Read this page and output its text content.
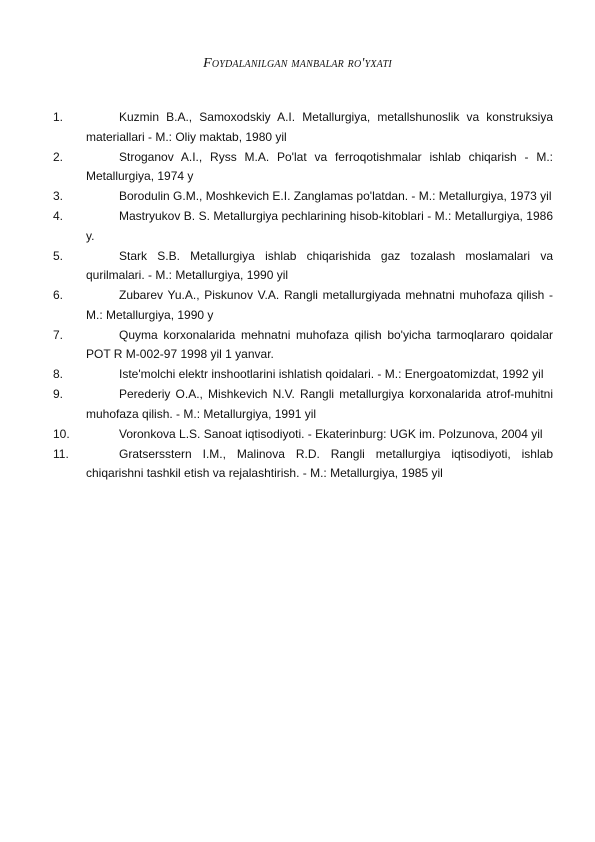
Foydalanilgan manbalar ro'yxati
1.	Kuzmin B.A., Samoxodskiy A.I. Metallurgiya, metallshunoslik va konstruksiya materiallari - M.: Oliy maktab, 1980 yil
2.	Stroganov A.I., Ryss M.A. Po'lat va ferroqotishmalar ishlab chiqarish - M.: Metallurgiya, 1974 y
3.	Borodulin G.M., Moshkevich E.I. Zanglamas po'latdan. - M.: Metallurgiya, 1973 yil
4.	Mastryukov B. S. Metallurgiya pechlarining hisob-kitoblari - M.: Metallurgiya, 1986 y.
5.	Stark S.B. Metallurgiya ishlab chiqarishida gaz tozalash moslamalari va qurilmalari. - M.: Metallurgiya, 1990 yil
6.	Zubarev Yu.A., Piskunov V.A. Rangli metallurgiyada mehnatni muhofaza qilish - M.: Metallurgiya, 1990 y
7.	Quyma korxonalarida mehnatni muhofaza qilish bo'yicha tarmoqlararo qoidalar POT R M-002-97 1998 yil 1 yanvar.
8.	Iste'molchi elektr inshootlarini ishlatish qoidalari. - M.: Energoatomizdat, 1992 yil
9.	Perederiy O.A., Mishkevich N.V. Rangli metallurgiya korxonalarida atrof-muhitni muhofaza qilish. - M.: Metallurgiya, 1991 yil
10.	Voronkova L.S. Sanoat iqtisodiyoti. - Ekaterinburg: UGK im. Polzunova, 2004 yil
11.	Gratsersstern I.M., Malinova R.D. Rangli metallurgiya iqtisodiyoti, ishlab chiqarishni tashkil etish va rejalashtirish. - M.: Metallurgiya, 1985 yil
